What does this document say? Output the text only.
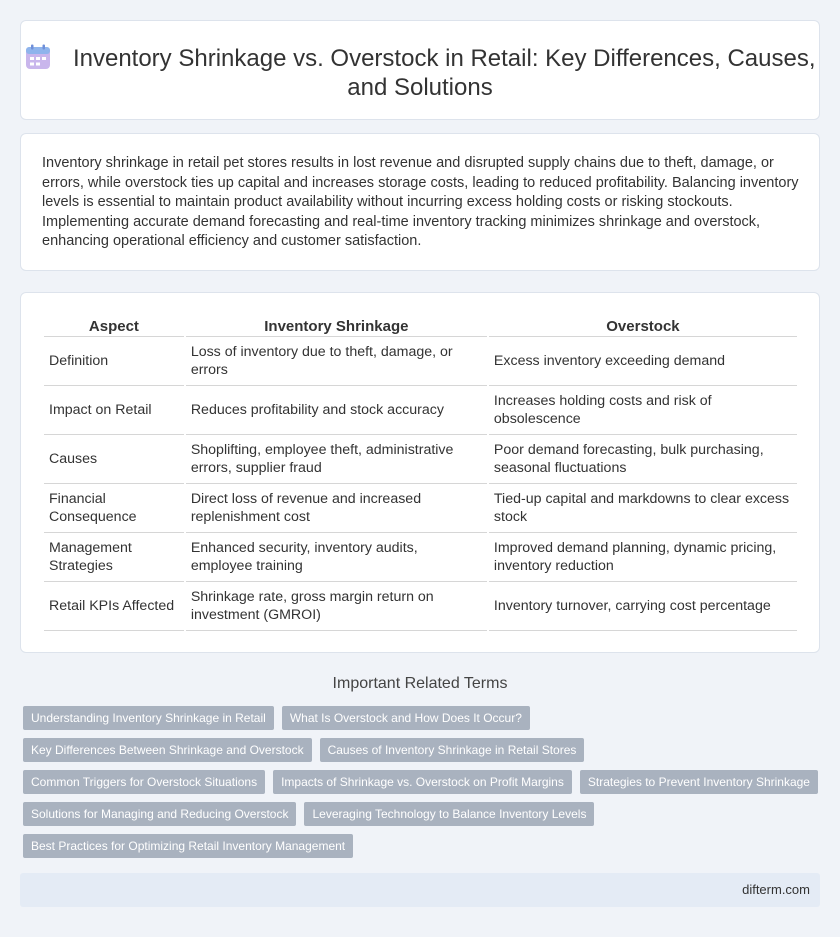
Inventory Shrinkage vs. Overstock in Retail: Key Differences, Causes, and Solutions

Inventory shrinkage in retail pet stores results in lost revenue and disrupted supply chains due to theft, damage, or errors, while overstock ties up capital and increases storage costs, leading to reduced profitability. Balancing inventory levels is essential to maintain product availability without incurring excess holding costs or risking stockouts. Implementing accurate demand forecasting and real-time inventory tracking minimizes shrinkage and overstock, enhancing operational efficiency and customer satisfaction.

Aspect	Inventory Shrinkage	Overstock
Definition	Loss of inventory due to theft, damage, or errors	Excess inventory exceeding demand
Impact on Retail	Reduces profitability and stock accuracy	Increases holding costs and risk of obsolescence
Causes	Shoplifting, employee theft, administrative errors, supplier fraud	Poor demand forecasting, bulk purchasing, seasonal fluctuations
Financial Consequence	Direct loss of revenue and increased replenishment cost	Tied-up capital and markdowns to clear excess stock
Management Strategies	Enhanced security, inventory audits, employee training	Improved demand planning, dynamic pricing, inventory reduction
Retail KPIs Affected	Shrinkage rate, gross margin return on investment (GMROI)	Inventory turnover, carrying cost percentage
Important Related Terms
Understanding Inventory Shrinkage in Retail	What Is Overstock and How Does It Occur?
Key Differences Between Shrinkage and Overstock	Causes of Inventory Shrinkage in Retail Stores
Common Triggers for Overstock Situations	Impacts of Shrinkage vs. Overstock on Profit Margins	Strategies to Prevent Inventory Shrinkage
Solutions for Managing and Reducing Overstock	Leveraging Technology to Balance Inventory Levels
Best Practices for Optimizing Retail Inventory Management
difterm.com
